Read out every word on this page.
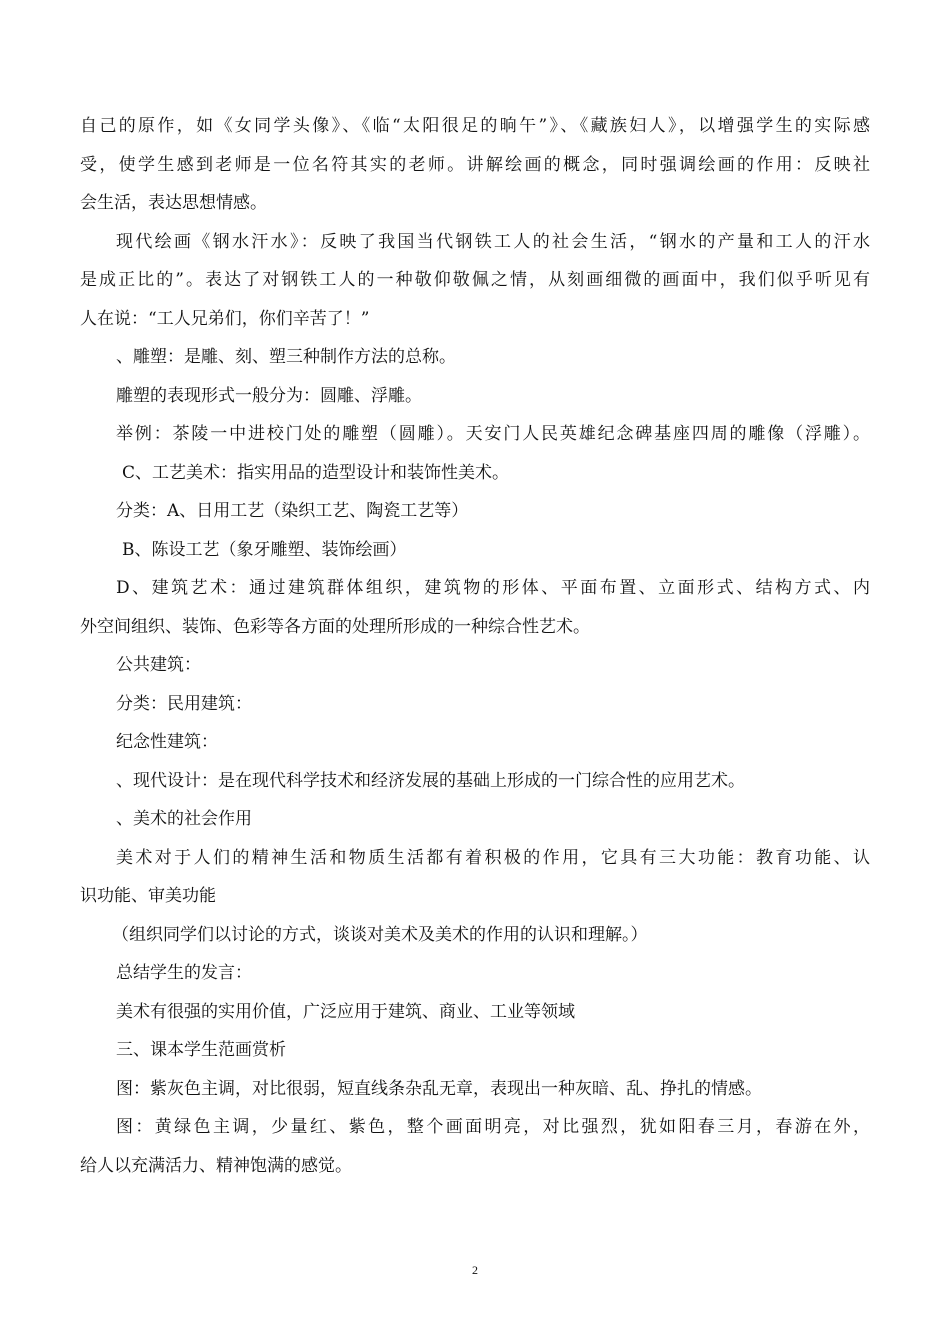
自己的原作，如《女同学头像》、《临“太阳很足的晌午”》、《藏族妇人》，以增强学生的实际感
受，使学生感到老师是一位名符其实的老师。讲解绘画的概念，同时强调绘画的作用：反映社
会生活，表达思想情感。
现代绘画《钢水汗水》：反映了我国当代钢铁工人的社会生活，“钢水的产量和工人的汗水
是成正比的”。表达了对钢铁工人的一种敬仰敬佩之情，从刻画细微的画面中，我们似乎听见有
人在说：“工人兄弟们，你们辛苦了！”
、雕塑：是雕、刻、塑三种制作方法的总称。
雕塑的表现形式一般分为：圆雕、浮雕。
举例：茶陵一中进校门处的雕塑（圆雕）。天安门人民英雄纪念碑基座四周的雕像（浮雕）。
C、工艺美术：指实用品的造型设计和装饰性美术。
分类：A、日用工艺（染织工艺、陶瓷工艺等）
B、陈设工艺（象牙雕塑、装饰绘画）
D、建筑艺术：通过建筑群体组织，建筑物的形体、平面布置、立面形式、结构方式、内
外空间组织、装饰、色彩等各方面的处理所形成的一种综合性艺术。
公共建筑：
分类：民用建筑：
纪念性建筑：
、现代设计：是在现代科学技术和经济发展的基础上形成的一门综合性的应用艺术。
、美术的社会作用
美术对于人们的精神生活和物质生活都有着积极的作用，它具有三大功能：教育功能、认
识功能、审美功能
（组织同学们以讨论的方式，谈谈对美术及美术的作用的认识和理解。）
总结学生的发言：
美术有很强的实用价值，广泛应用于建筑、商业、工业等领域
三、课本学生范画赏析
图：紫灰色主调，对比很弱，短直线条杂乱无章，表现出一种灰暗、乱、挣扎的情感。
图：黄绿色主调，少量红、紫色，整个画面明亮，对比强烈，犹如阳春三月，春游在外，
给人以充满活力、精神饱满的感觉。
2
